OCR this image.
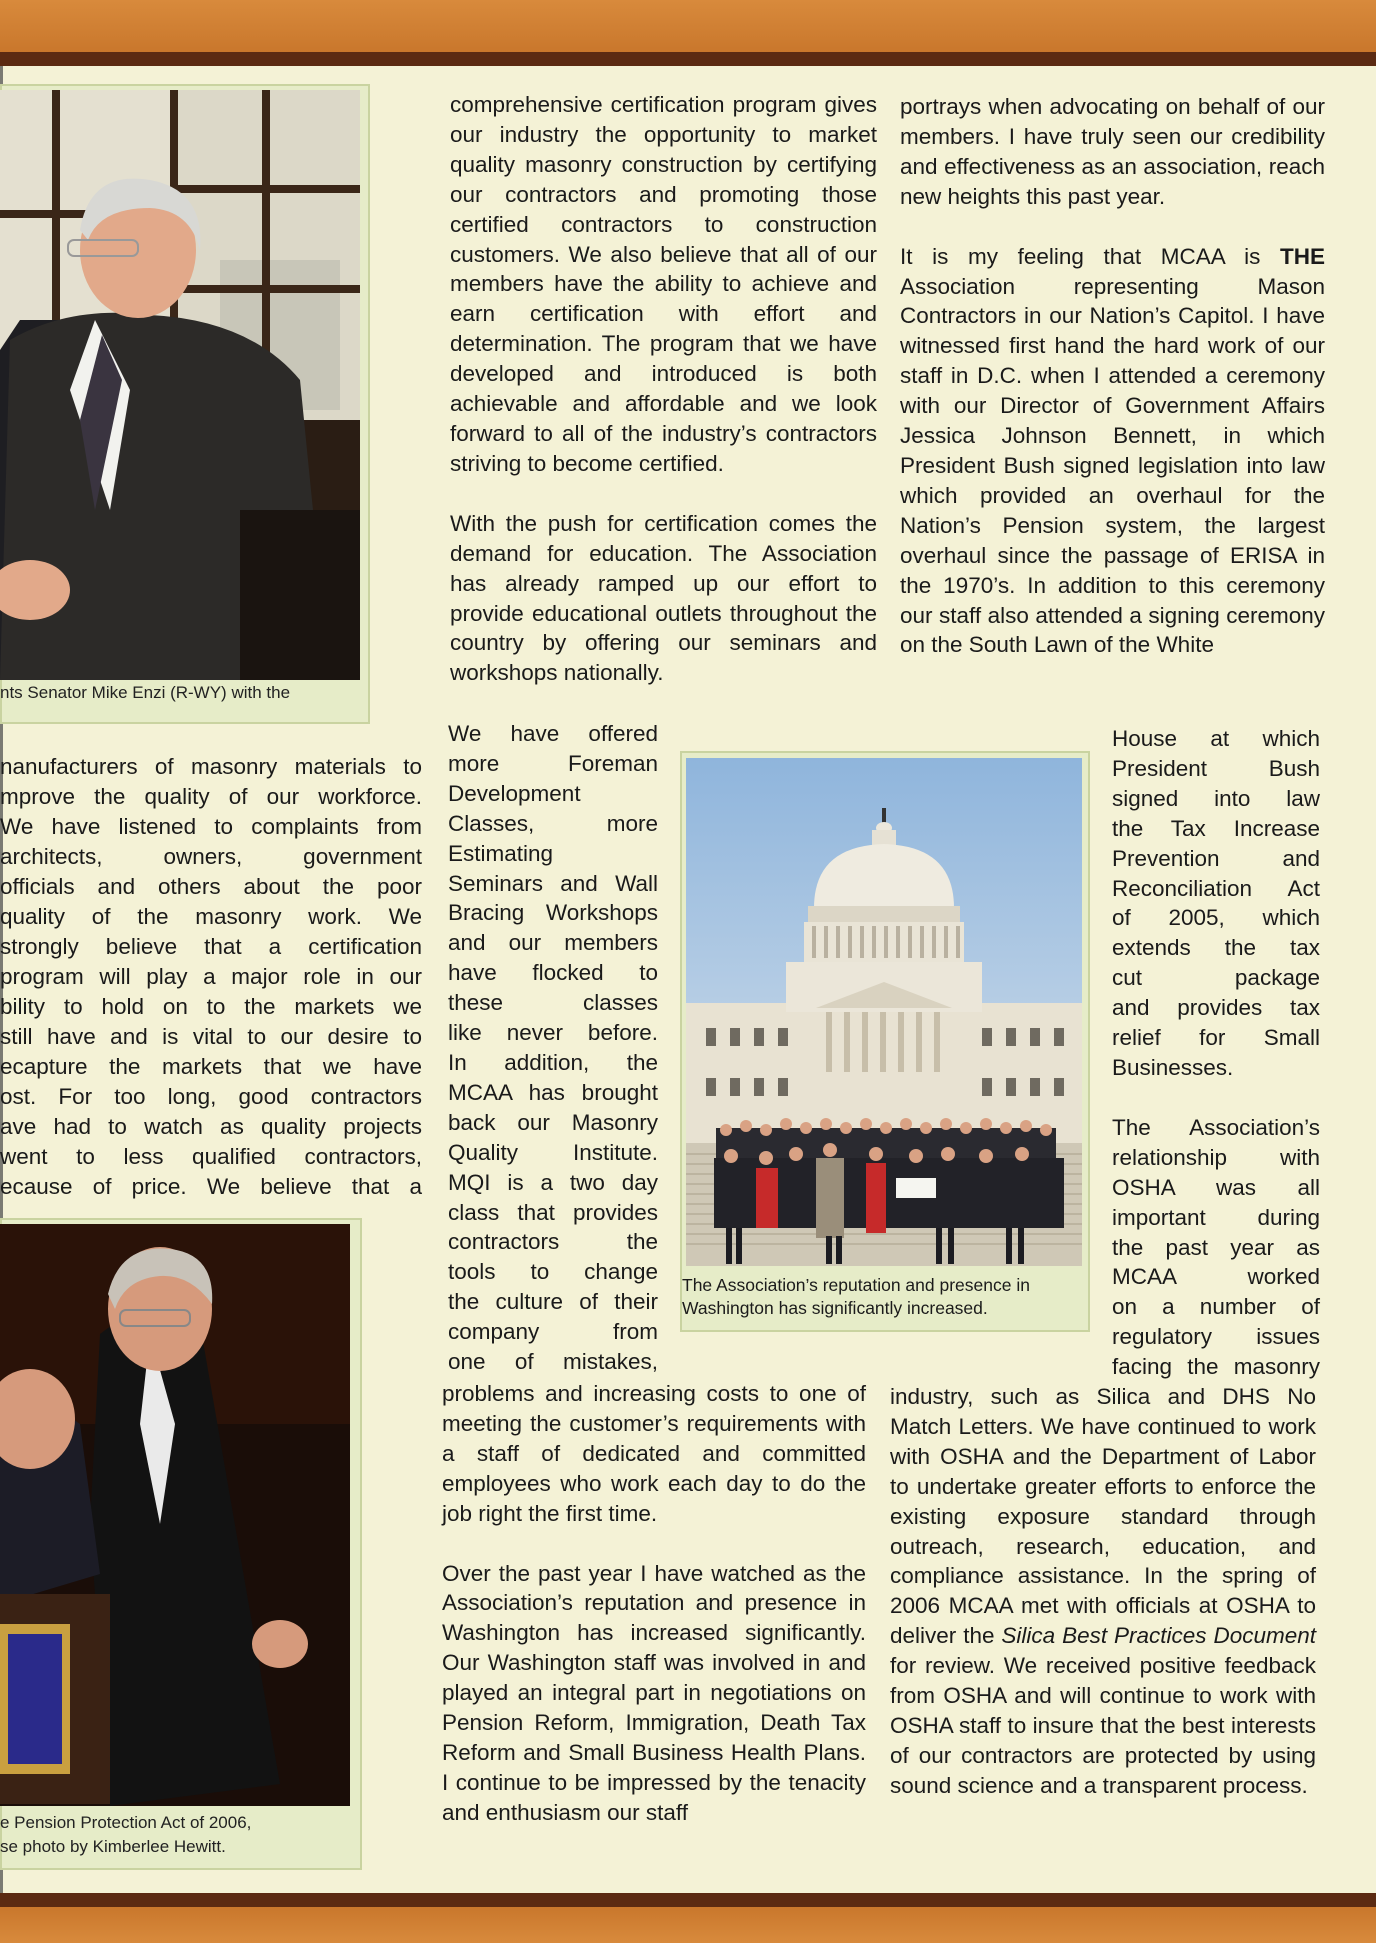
nts Senator Mike Enzi (R-WY) with the
e Pension Protection Act of 2006,
se photo by Kimberlee Hewitt.
nanufacturers of masonry materials to
mprove the quality of our workforce.
We have listened to complaints from
architects, owners, government
officials and others about the poor
quality of the masonry work. We
strongly believe that a certification
program will play a major role in our
bility to hold on to the markets we
still have and is vital to our desire to
ecapture the markets that we have
ost. For too long, good contractors
ave had to watch as quality projects
went to less qualified contractors,
ecause of price. We believe that a

comprehensive certification program gives our industry the opportunity to market quality masonry construction by certifying our contractors and promoting those certified contractors to construction customers. We also believe that all of our members have the ability to achieve and earn certification with effort and determination. The program that we have developed and introduced is both achievable and affordable and we look forward to all of the industry’s contractors striving to become certified.

With the push for certification comes the demand for education. The Association has already ramped up our effort to provide educational outlets throughout the country by offering our seminars and workshops nationally.

We have offered
more Foreman
Development
Classes, more
Estimating
Seminars and Wall
Bracing Workshops
and our members
have flocked to
these classes
like never before.
In addition, the
MCAA has brought
back our Masonry
Quality Institute.
MQI is a two day
class that provides
contractors the
tools to change
the culture of their
company from
one of mistakes,

problems and increasing costs to one of meeting the customer’s requirements with a staff of dedicated and committed employees who work each day to do the job right the first time.

Over the past year I have watched as the Association’s reputation and presence in Washington has increased significantly. Our Washington staff was involved in and played an integral part in negotiations on Pension Reform, Immigration, Death Tax Reform and Small Business Health Plans. I continue to be impressed by the tenacity and enthusiasm our staff

The Association’s reputation and presence in Washington has significantly increased.

portrays when advocating on behalf of our members. I have truly seen our credibility and effectiveness as an association, reach new heights this past year.

It is my feeling that MCAA is THE Association representing Mason Contractors in our Nation’s Capitol. I have witnessed first hand the hard work of our staff in D.C. when I attended a ceremony with our Director of Government Affairs Jessica Johnson Bennett, in which President Bush signed legislation into law which provided an overhaul for the Nation’s Pension system, the largest overhaul since the passage of ERISA in the 1970’s. In addition to this ceremony our staff also attended a signing ceremony on the South Lawn of the White

House at which
President Bush
signed into law
the Tax Increase
Prevention and
Reconciliation Act
of 2005, which
extends the tax
cut package
and provides tax
relief for Small
Businesses.
The Association’s
relationship with
OSHA was all
important during
the past year as
MCAA worked
on a number of
regulatory issues
facing the masonry

industry, such as Silica and DHS No Match Letters. We have continued to work with OSHA and the Department of Labor to undertake greater efforts to enforce the existing exposure standard through outreach, research, education, and compliance assistance. In the spring of 2006 MCAA met with officials at OSHA to deliver the Silica Best Practices Document for review. We received positive feedback from OSHA and will continue to work with OSHA staff to insure that the best interests of our contractors are protected by using sound science and a transparent process.
